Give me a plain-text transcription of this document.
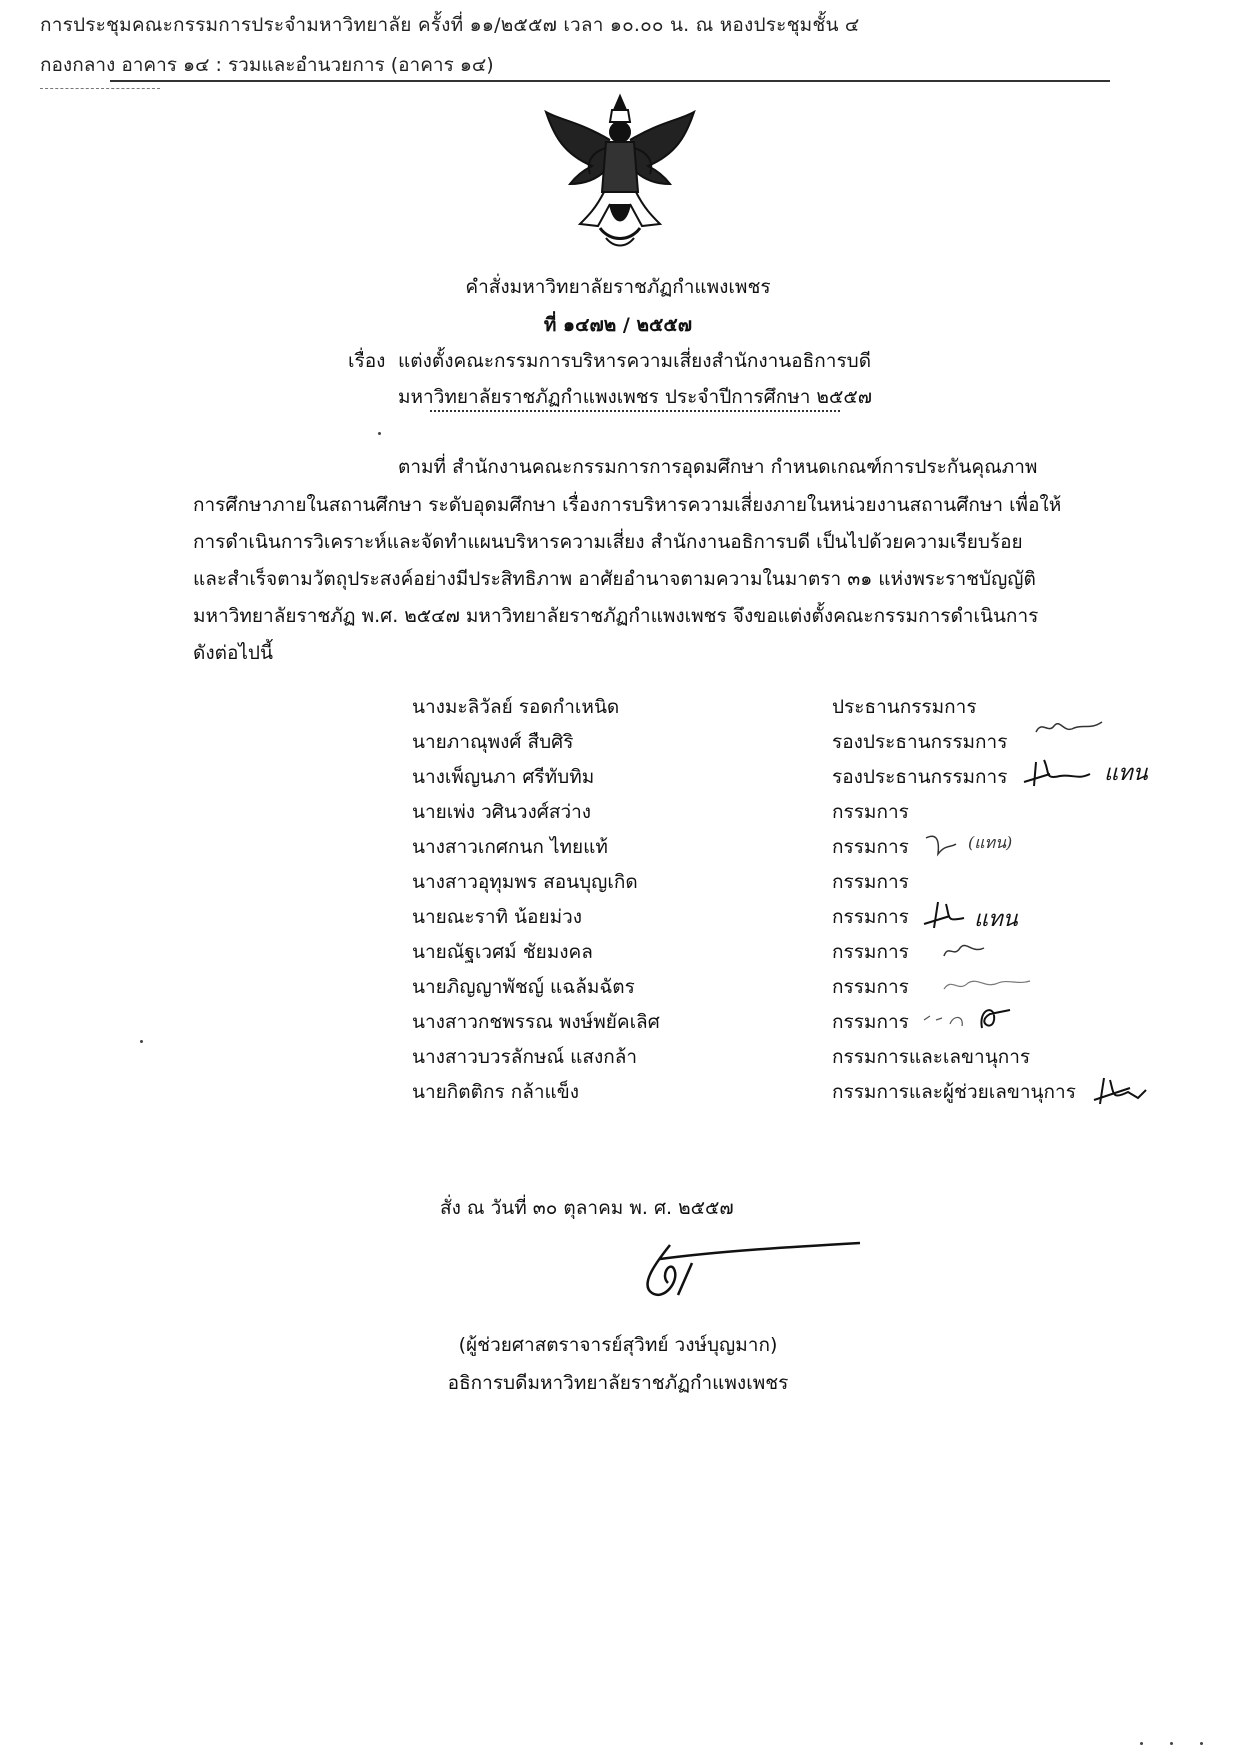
การประชุมคณะกรรมการประจำมหาวิทยาลัย ครั้งที่ ๑๑/๒๕๕๗ เวลา ๑๐.๐๐ น. ณ หองประชุมชั้น ๔
กองกลาง อาคาร ๑๔ : รวมและอำนวยการ (อาคาร ๑๔)
คำสั่งมหาวิทยาลัยราชภัฏกำแพงเพชร
ที่ ๑๔๗๒ / ๒๕๕๗
เรื่อง แต่งตั้งคณะกรรมการบริหารความเสี่ยงสำนักงานอธิการบดี
มหาวิทยาลัยราชภัฏกำแพงเพชร ประจำปีการศึกษา ๒๕๕๗
ตามที่ สำนักงานคณะกรรมการการอุดมศึกษา กำหนดเกณฑ์การประกันคุณภาพ
การศึกษาภายในสถานศึกษา ระดับอุดมศึกษา เรื่องการบริหารความเสี่ยงภายในหน่วยงานสถานศึกษา เพื่อให้
การดำเนินการวิเคราะห์และจัดทำแผนบริหารความเสี่ยง สำนักงานอธิการบดี เป็นไปด้วยความเรียบร้อย
และสำเร็จตามวัตถุประสงค์อย่างมีประสิทธิภาพ อาศัยอำนาจตามความในมาตรา ๓๑ แห่งพระราชบัญญัติ
มหาวิทยาลัยราชภัฏ พ.ศ. ๒๕๔๗ มหาวิทยาลัยราชภัฏกำแพงเพชร จึงขอแต่งตั้งคณะกรรมการดำเนินการ
ดังต่อไปนี้
นางมะลิวัลย์ รอดกำเหนิด	ประธานกรรมการ
นายภาณุพงศ์ สืบศิริ	รองประธานกรรมการ
นางเพ็ญนภา ศรีทับทิม	รองประธานกรรมการ
นายเพ่ง วศินวงศ์สว่าง	กรรมการ
นางสาวเกศกนก ไทยแท้	กรรมการ
นางสาวอุทุมพร สอนบุญเกิด	กรรมการ
นายณะราทิ น้อยม่วง	กรรมการ
นายณัฐเวศม์ ชัยมงคล	กรรมการ
นายภิญญาพัชญ์ แฉล้มฉัตร	กรรมการ
นางสาวกชพรรณ พงษ์พยัคเลิศ	กรรมการ
นางสาวบวรลักษณ์ แสงกล้า	กรรมการและเลขานุการ
นายกิตติกร กล้าแข็ง	กรรมการและผู้ช่วยเลขานุการ
แทน
(แทน)
แทน
สั่ง ณ วันที่ ๓๐ ตุลาคม พ. ศ. ๒๕๕๗
(ผู้ช่วยศาสตราจารย์สุวิทย์ วงษ์บุญมาก)
อธิการบดีมหาวิทยาลัยราชภัฏกำแพงเพชร
